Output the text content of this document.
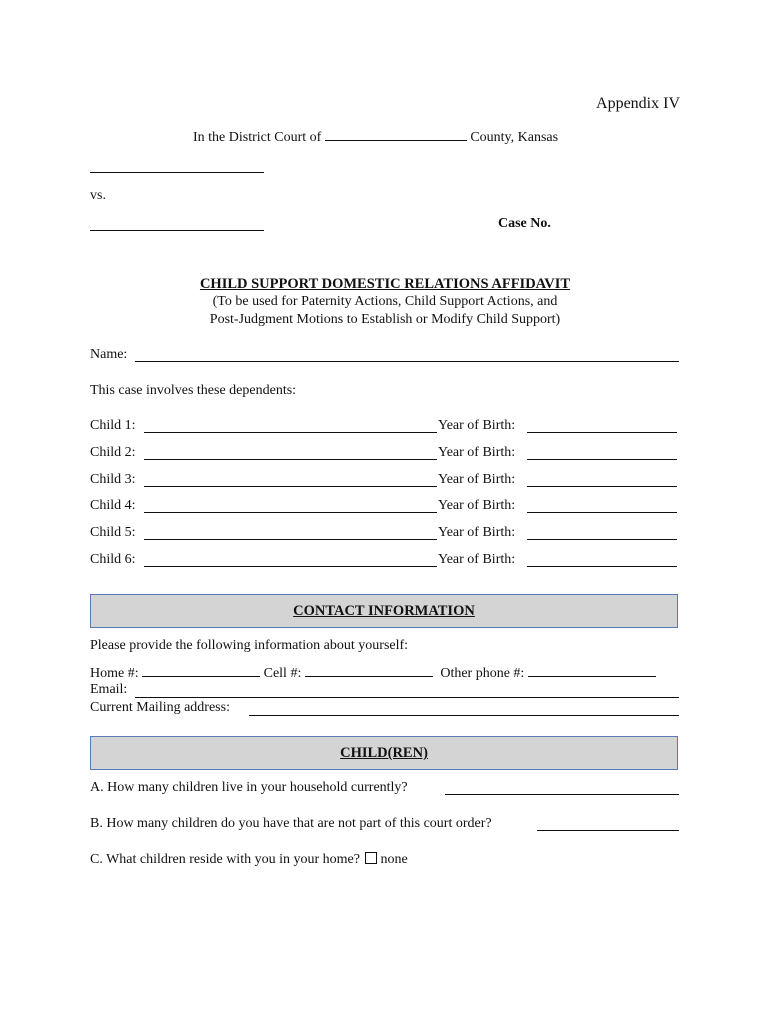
Appendix IV
In the District Court of	County, Kansas
vs.
Case No.
CHILD SUPPORT DOMESTIC RELATIONS AFFIDAVIT
(To be used for Paternity Actions, Child Support Actions, and
Post-Judgment Motions to Establish or Modify Child Support)
Name:
This case involves these dependents:
Child 1:	Year of Birth:
Child 2:	Year of Birth:
Child 3:	Year of Birth:
Child 4:	Year of Birth:
Child 5:	Year of Birth:
Child 6:	Year of Birth:
CONTACT INFORMATION
Please provide the following information about yourself:
Home #:	Cell #:	Other phone #:
Email:
Current Mailing address:
CHILD(REN)
A. How many children live in your household currently?
B. How many children do you have that are not part of this court order?
C. What children reside with you in your home? none
